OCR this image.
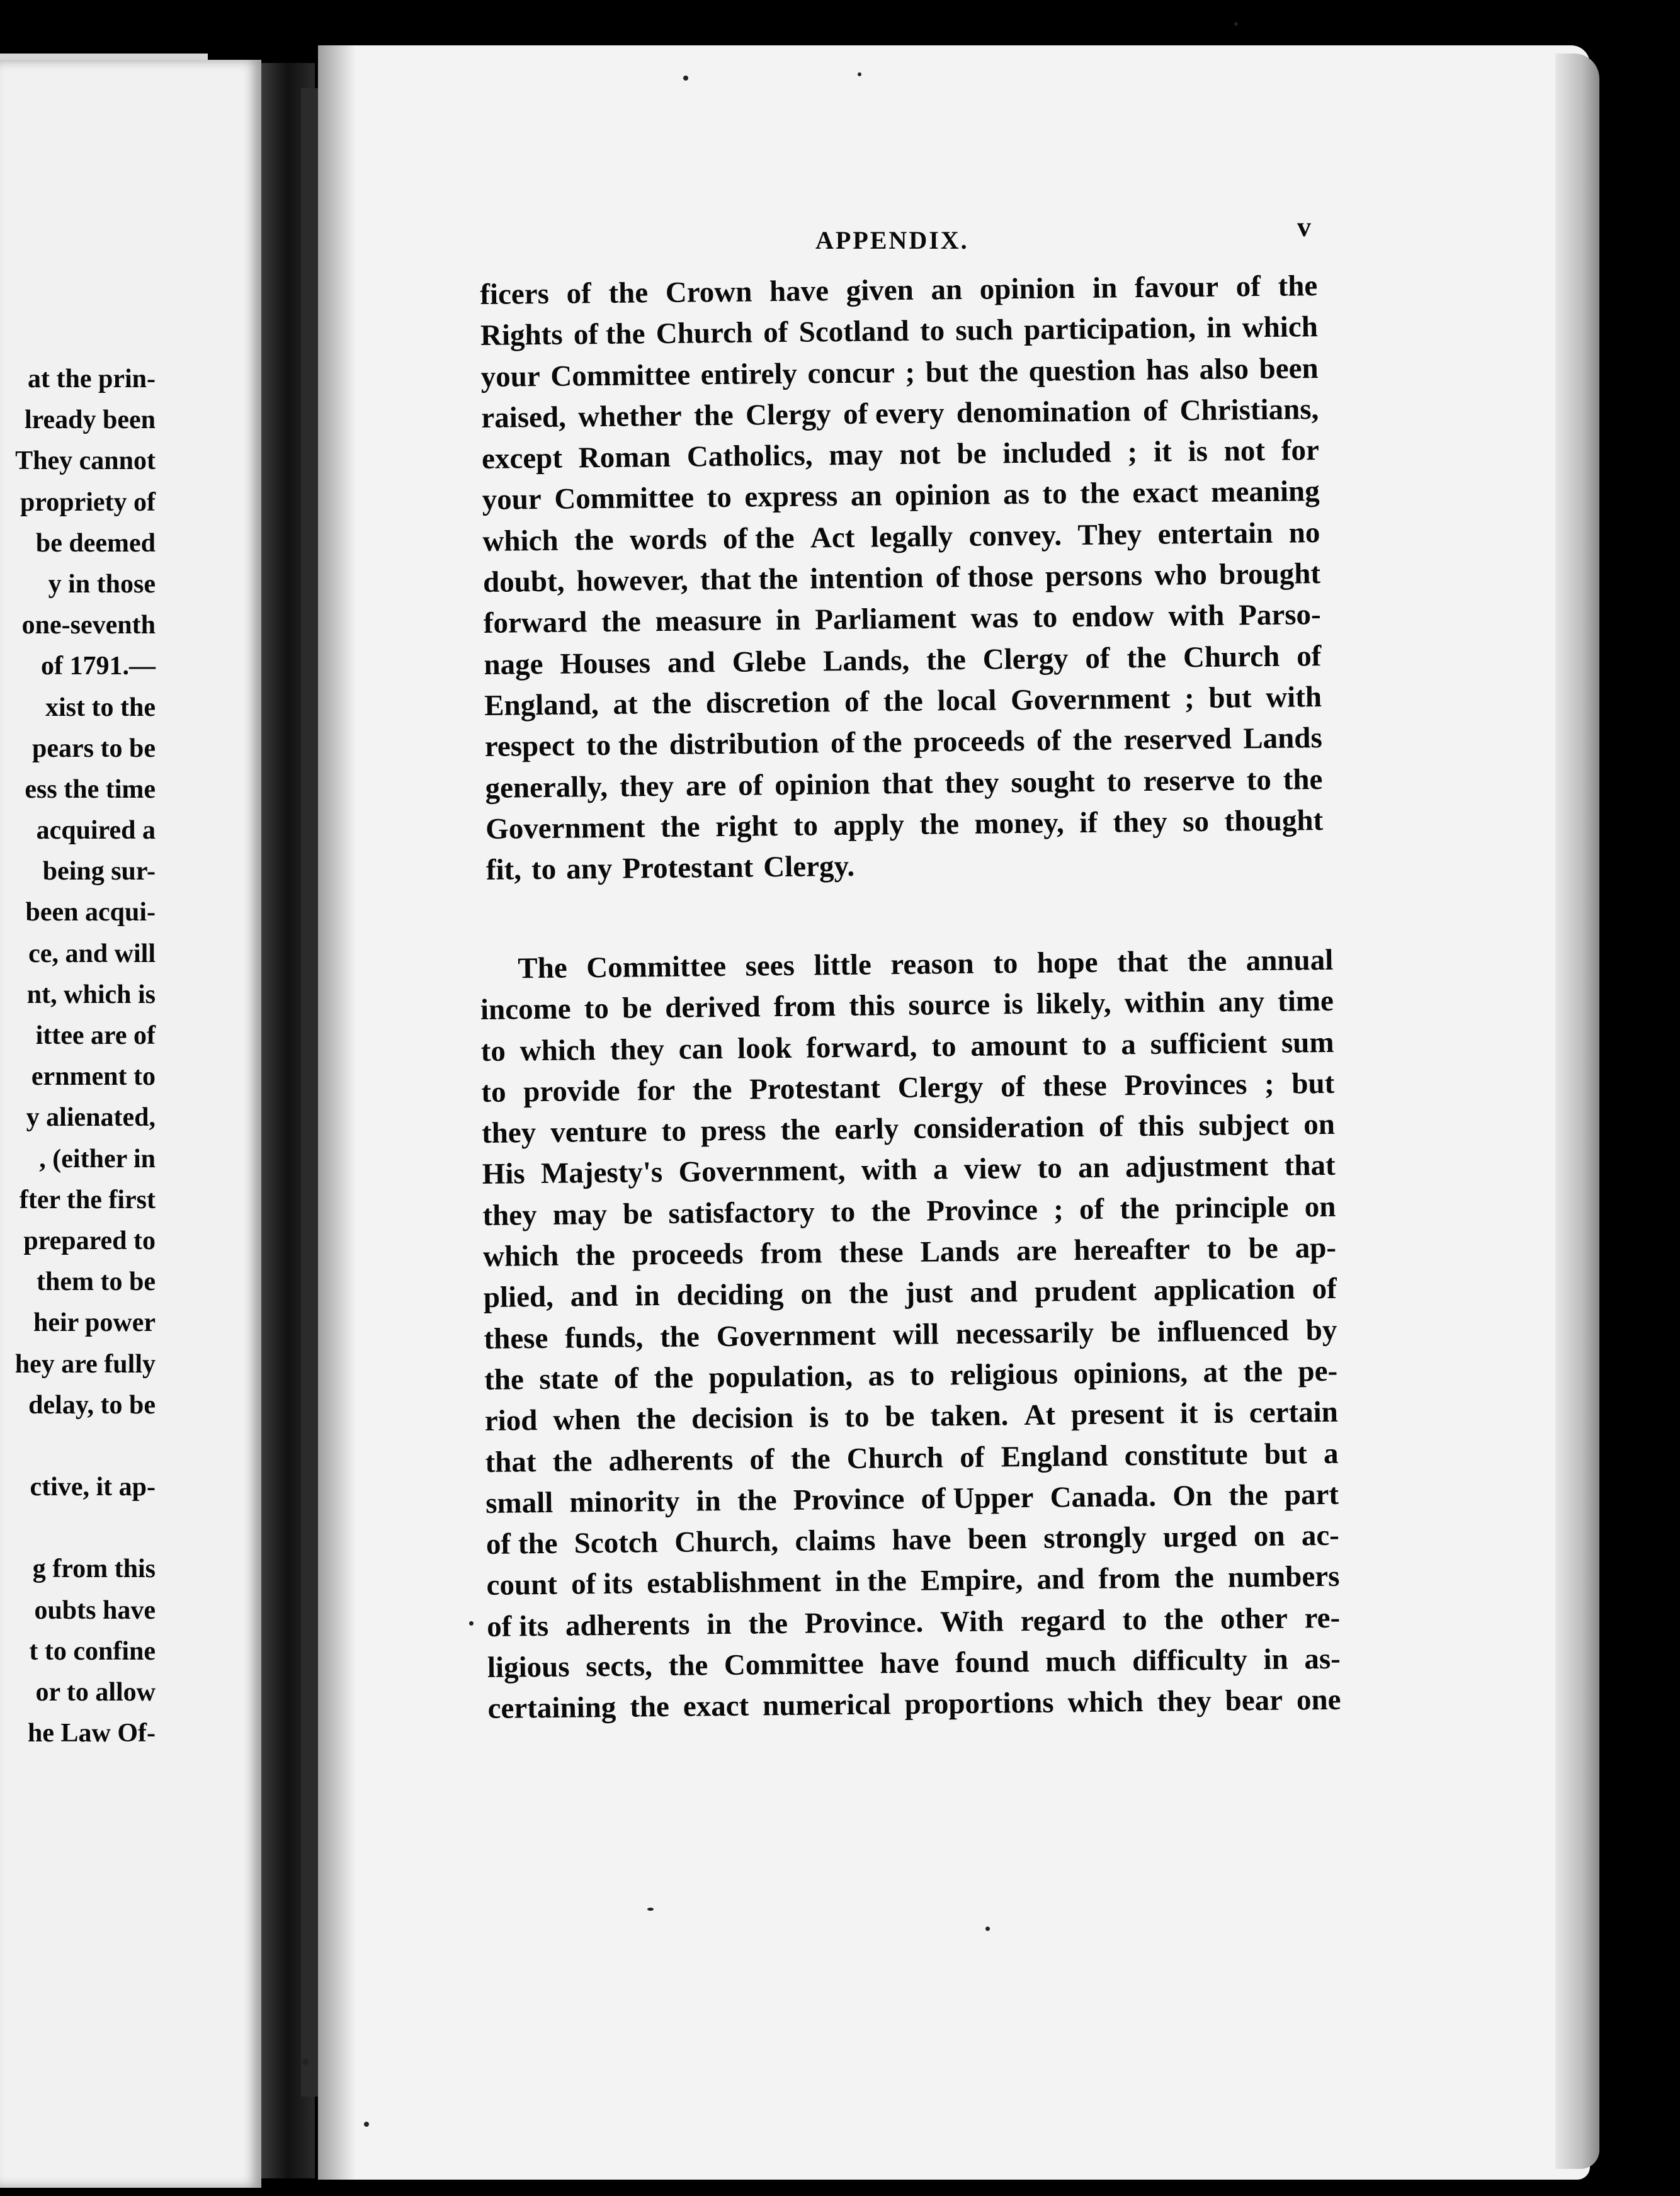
at the prin-
lready been
They cannot
propriety of
be deemed
y in those
one-seventh
of 1791.—
xist to the
pears to be
ess the time
acquired a
being sur-
been acqui-
ce, and will
nt, which is
ittee are of
ernment to
y alienated,
, (either in
fter the first
prepared to
them to be
heir power
hey are fully
delay, to be
ctive, it ap-
g from this
oubts have
t to confine
or to allow
he Law Of-
APPENDIX.	v
ficers of the Crown have given an opinion in favour of the
Rights of the Church of Scotland to such participation, in which
your Committee entirely concur ; but the question has also been
raised, whether the Clergy of every denomination of Christians,
except Roman Catholics, may not be included ; it is not for
your Committee to express an opinion as to the exact meaning
which the words of the Act legally convey. They entertain no
doubt, however, that the intention of those persons who brought
forward the measure in Parliament was to endow with Parso-
nage Houses and Glebe Lands, the Clergy of the Church of
England, at the discretion of the local Government ; but with
respect to the distribution of the proceeds of the reserved Lands
generally, they are of opinion that they sought to reserve to the
Government the right to apply the money, if they so thought
fit, to any Protestant Clergy.
The Committee sees little reason to hope that the annual
income to be derived from this source is likely, within any time
to which they can look forward, to amount to a sufficient sum
to provide for the Protestant Clergy of these Provinces ; but
they venture to press the early consideration of this subject on
His Majesty's Government, with a view to an adjustment that
they may be satisfactory to the Province ; of the principle on
which the proceeds from these Lands are hereafter to be ap-
plied, and in deciding on the just and prudent application of
these funds, the Government will necessarily be influenced by
the state of the population, as to religious opinions, at the pe-
riod when the decision is to be taken. At present it is certain
that the adherents of the Church of England constitute but a
small minority in the Province of Upper Canada. On the part
of the Scotch Church, claims have been strongly urged on ac-
count of its establishment in the Empire, and from the numbers
of its adherents in the Province. With regard to the other re-
ligious sects, the Committee have found much difficulty in as-
certaining the exact numerical proportions which they bear one
